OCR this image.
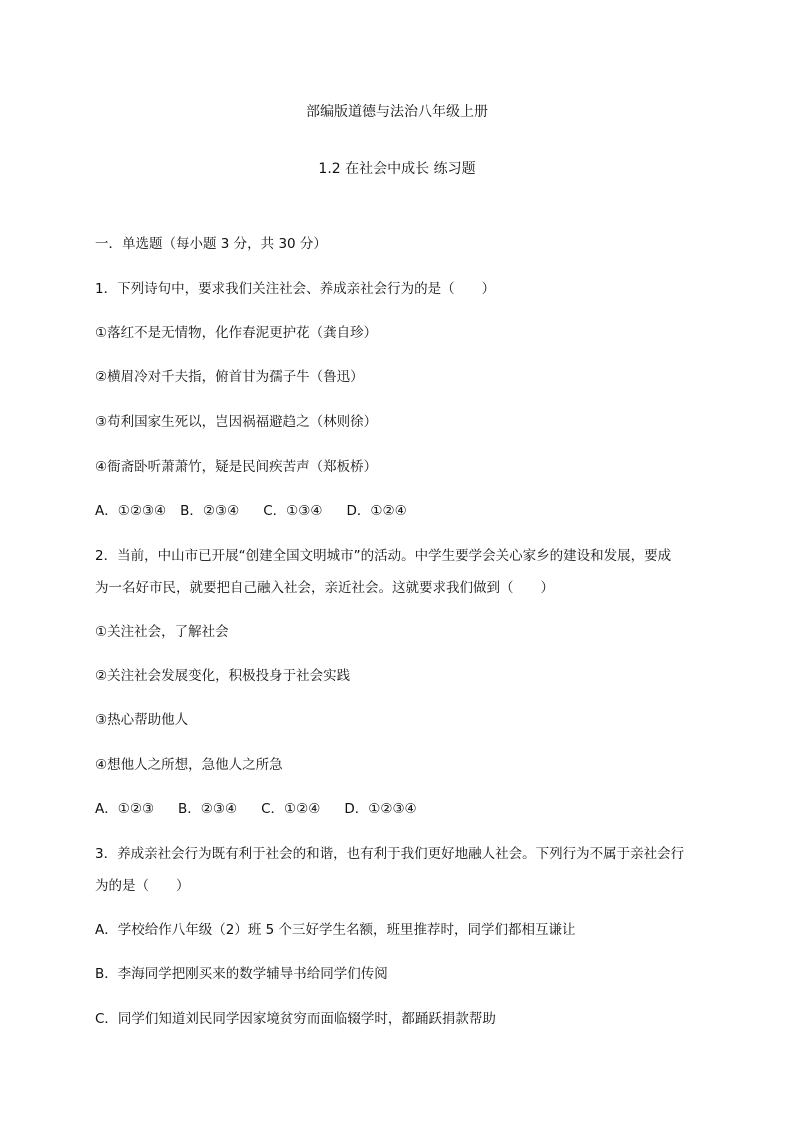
部编版道德与法治八年级上册
1.2 在社会中成长 练习题
一．单选题（每小题 3 分，共 30 分）
1．下列诗句中，要求我们关注社会、养成亲社会行为的是（　　）
①落红不是无情物，化作春泥更护花（龚自珍）
②横眉冷对千夫指，俯首甘为孺子牛（鲁迅）
③苟利国家生死以，岂因祸福避趋之（林则徐）
④衙斋卧听萧萧竹，疑是民间疾苦声（郑板桥）
A．①②③④ B．②③④ C．①③④ D．①②④
2．当前，中山市已开展“创建全国文明城市”的活动。中学生要学会关心家乡的建设和发展，要成
为一名好市民，就要把自己融入社会，亲近社会。这就要求我们做到（　　）
①关注社会，了解社会
②关注社会发展变化，积极投身于社会实践
③热心帮助他人
④想他人之所想，急他人之所急
A．①②③ B．②③④ C．①②④ D．①②③④
3．养成亲社会行为既有利于社会的和谐，也有利于我们更好地融人社会。下列行为不属于亲社会行
为的是（　　）
A．学校给作八年级（2）班 5 个三好学生名额，班里推荐时，同学们都相互谦让
B．李海同学把刚买来的数学辅导书给同学们传阅
C．同学们知道刘民同学因家境贫穷而面临辍学时，都踊跃捐款帮助
